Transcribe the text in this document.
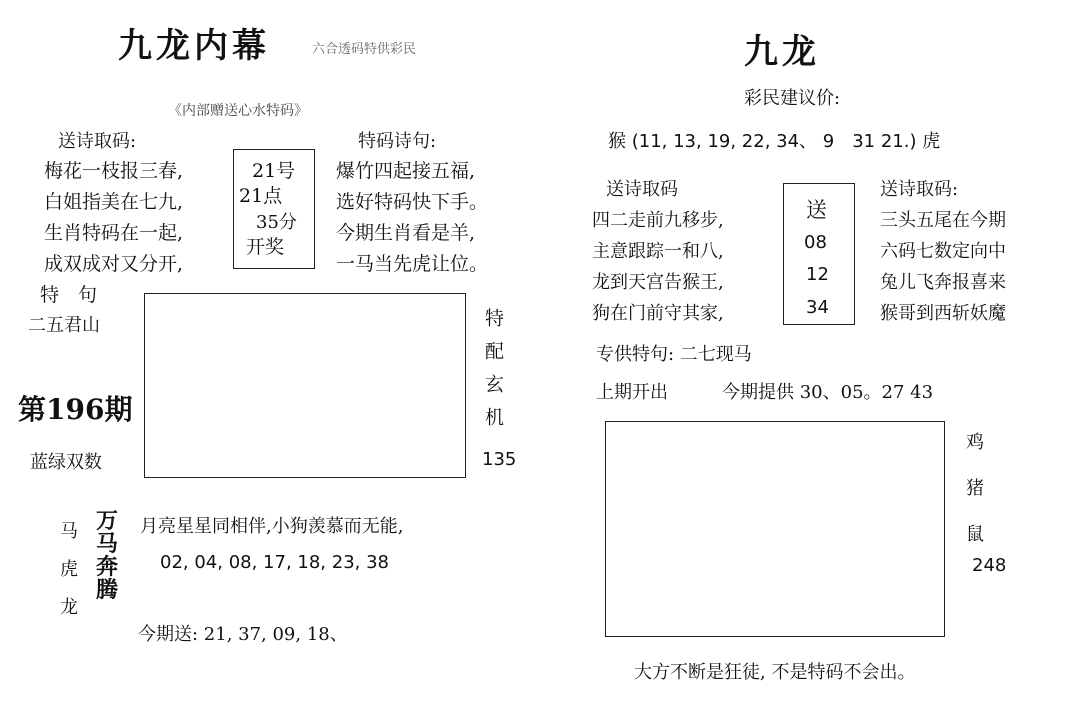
九龙内幕	六合透码特供彩民
《内部赠送心水特码》
送诗取码:
梅花一枝报三春,
白姐指美在七九,
生肖特码在一起,
成双成对又分开,
21号
21点
35分
开奖
特码诗句:
爆竹四起接五福,
选好特码快下手。
今期生肖看是羊,
一马当先虎让位。
特　句
二五君山
第196期
蓝绿双数
35	04
31	17
3—3—187	特配玄机
135
马
虎
龙
万马奔腾
月亮星星同相伴,小狗羡慕而无能,
02, 04, 08, 17, 18, 23, 38
今期送: 21, 37, 09, 18、
九龙
彩民建议价:
猴 (11, 13, 19, 22, 34、 9　31 21.) 虎
送诗取码
四二走前九移步,
主意跟踪一和八,
龙到天宫告猴王,
狗在门前守其家,
送
08
12
34
送诗取码:
三头五尾在今期
六码七数定向中
兔儿飞奔报喜来
猴哥到西斩妖魔
专供特句: 二七现马
上期开出	今期提供 30、05。27 43
15	34
03	27
20 — 45
鸡
猪
鼠
248
大方不断是狂徒, 不是特码不会出。
